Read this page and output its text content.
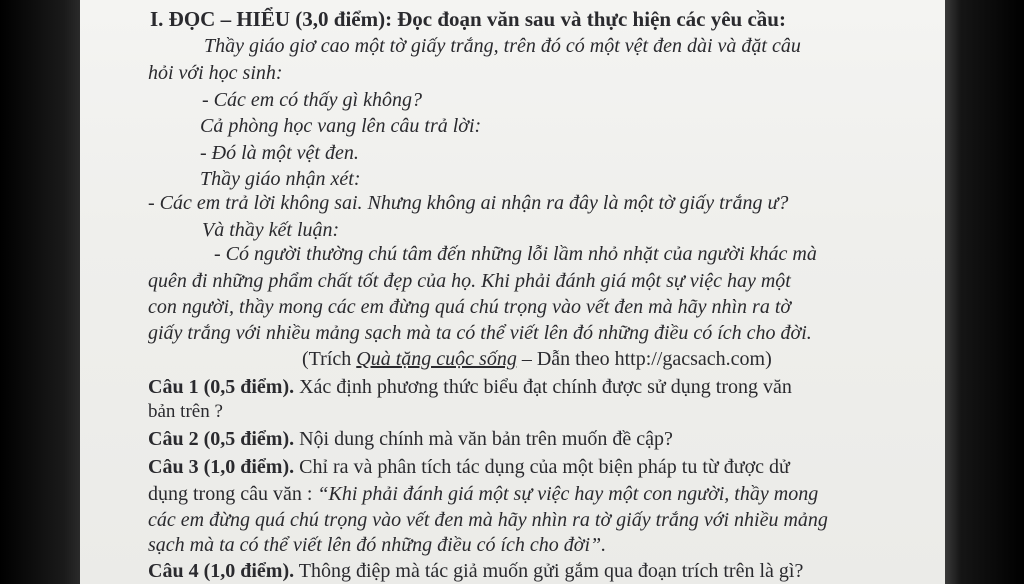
I. ĐỌC – HIỂU (3,0 điểm): Đọc đoạn văn sau và thực hiện các yêu cầu:
Thầy giáo giơ cao một tờ giấy trắng, trên đó có một vệt đen dài và đặt câu
hỏi với học sinh:
- Các em có thấy gì không?
Cả phòng học vang lên câu trả lời:
- Đó là một vệt đen.
Thầy giáo nhận xét:
- Các em trả lời không sai. Nhưng không ai nhận ra đây là một tờ giấy trắng ư?
Và thầy kết luận:
- Có người thường chú tâm đến những lỗi lầm nhỏ nhặt của người khác mà
quên đi những phẩm chất tốt đẹp của họ. Khi phải đánh giá một sự việc hay một
con người, thầy mong các em đừng quá chú trọng vào vết đen mà hãy nhìn ra tờ
giấy trắng với nhiều mảng sạch mà ta có thể viết lên đó những điều có ích cho đời.
(Trích Quà tặng cuộc sống – Dẫn theo http://gacsach.com)
Câu 1 (0,5 điểm). Xác định phương thức biểu đạt chính được sử dụng trong văn
bản trên ?
Câu 2 (0,5 điểm). Nội dung chính mà văn bản trên muốn đề cập?
Câu 3 (1,0 điểm). Chỉ ra và phân tích tác dụng của một biện pháp tu từ được dử
dụng trong câu văn : “Khi phải đánh giá một sự việc hay một con người, thầy mong
các em đừng quá chú trọng vào vết đen mà hãy nhìn ra tờ giấy trắng với nhiều mảng
sạch mà ta có thể viết lên đó những điều có ích cho đời”.
Câu 4 (1,0 điểm). Thông điệp mà tác giả muốn gửi gắm qua đoạn trích trên là gì?
